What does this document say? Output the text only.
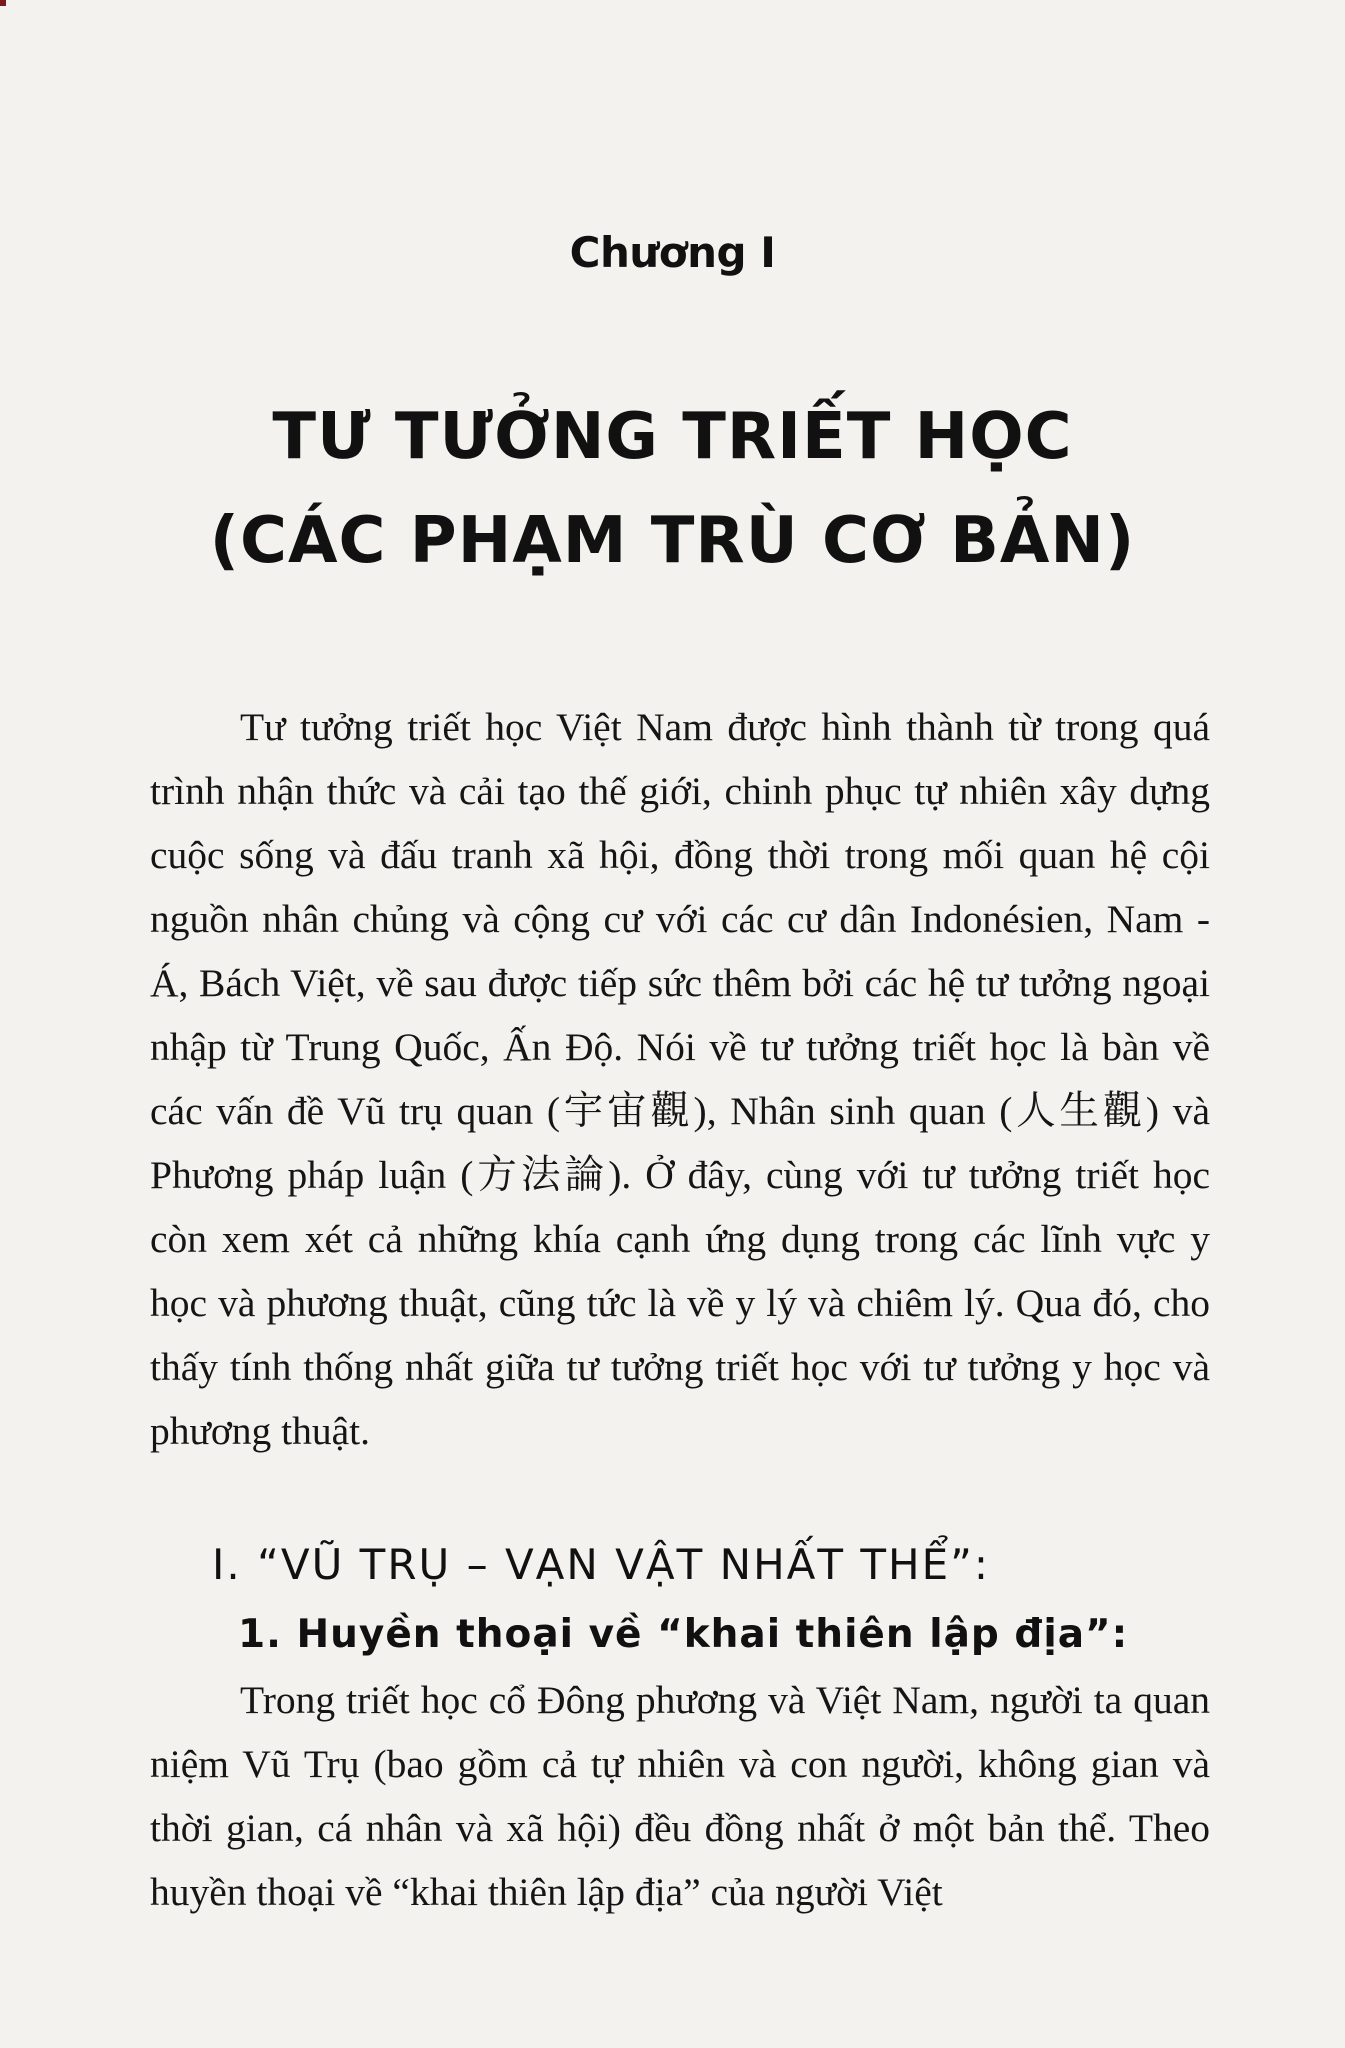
Chương I
TƯ TƯỞNG TRIẾT HỌC
(CÁC PHẠM TRÙ CƠ BẢN)

Tư tưởng triết học Việt Nam được hình thành từ trong quá trình nhận thức và cải tạo thế giới, chinh phục tự nhiên xây dựng cuộc sống và đấu tranh xã hội, đồng thời trong mối quan hệ cội nguồn nhân chủng và cộng cư với các cư dân Indonésien, Nam - Á, Bách Việt, về sau được tiếp sức thêm bởi các hệ tư tưởng ngoại nhập từ Trung Quốc, Ấn Độ. Nói về tư tưởng triết học là bàn về các vấn đề Vũ trụ quan (宇宙觀), Nhân sinh quan (人生觀) và Phương pháp luận (方法論). Ở đây, cùng với tư tưởng triết học còn xem xét cả những khía cạnh ứng dụng trong các lĩnh vực y học và phương thuật, cũng tức là về y lý và chiêm lý. Qua đó, cho thấy tính thống nhất giữa tư tưởng triết học với tư tưởng y học và phương thuật.

I. “VŨ TRỤ – VẠN VẬT NHẤT THỂ”:
1. Huyền thoại về “khai thiên lập địa”:

Trong triết học cổ Đông phương và Việt Nam, người ta quan niệm Vũ Trụ (bao gồm cả tự nhiên và con người, không gian và thời gian, cá nhân và xã hội) đều đồng nhất ở một bản thể. Theo huyền thoại về “khai thiên lập địa” của người Việt
